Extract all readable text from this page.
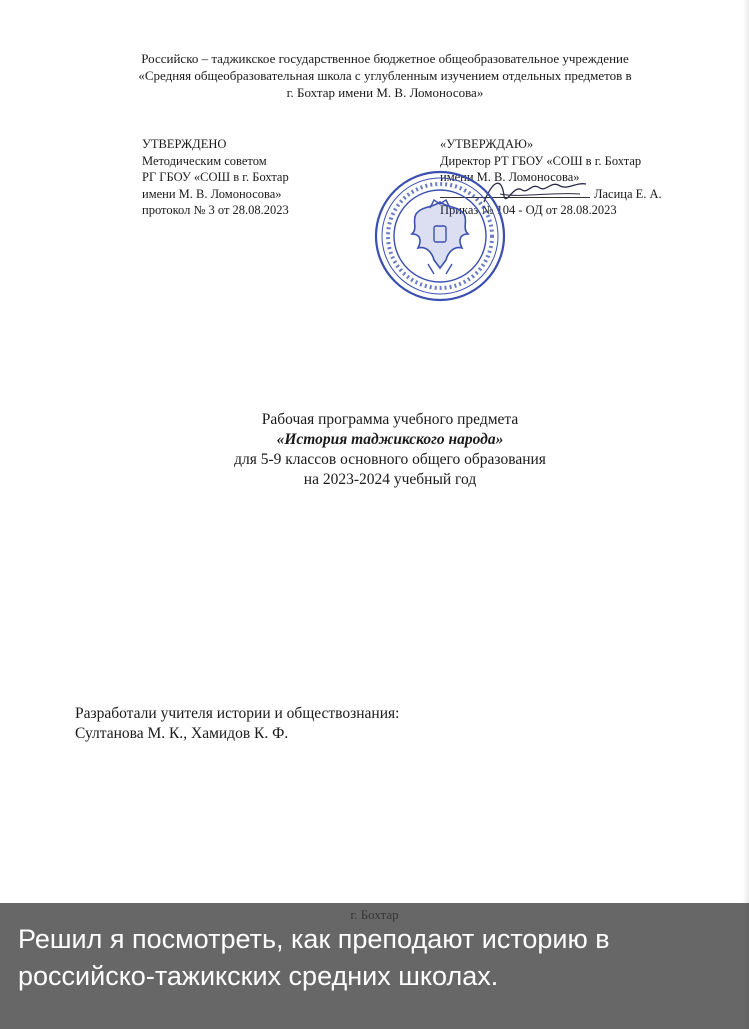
Российско – таджикское государственное бюджетное общеобразовательное учреждение
«Средняя общеобразовательная школа с углубленным изучением отдельных предметов в
г. Бохтар имени М. В. Ломоносова»
УТВЕРЖДЕНО
Методическим советом
РГ ГБОУ «СОШ в г. Бохтар
имени М. В. Ломоносова»
протокол № 3 от 28.08.2023
«УТВЕРЖДАЮ»
Директор РТ ГБОУ «СОШ в г. Бохтар
имени М. В. Ломоносова»
Ласица Е. А.
Приказ № 104 - ОД от 28.08.2023
Рабочая программа учебного предмета
«История таджикского народа»
для 5-9 классов основного общего образования
на 2023-2024 учебный год
Разработали учителя истории и обществознания:
Султанова М. К., Хамидов К. Ф.
Решил я посмотреть, как преподают историю в российско-тажикских средних школах.
